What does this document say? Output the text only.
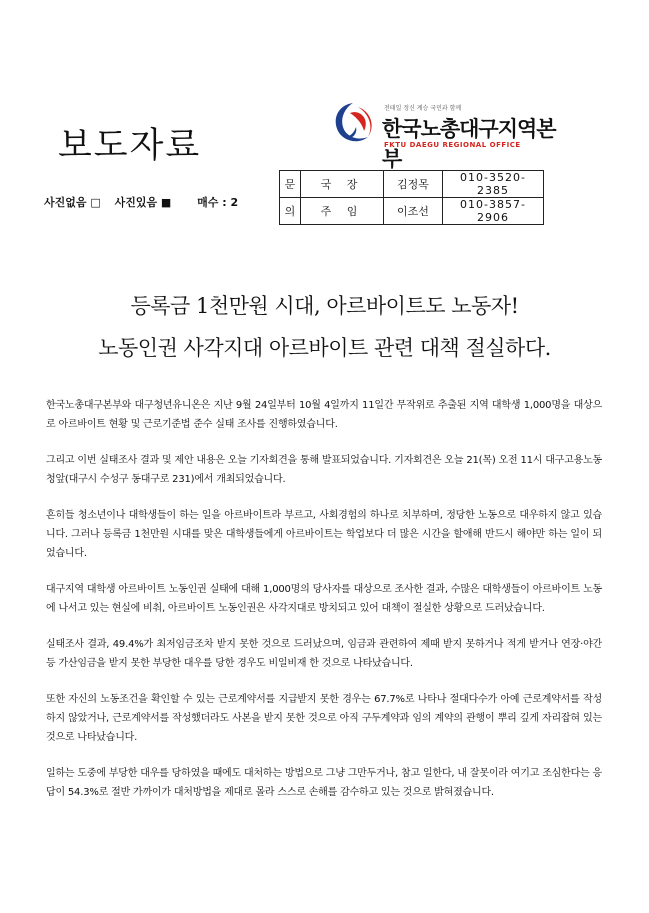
보도자료
전태일 정신 계승 국민과 함께
한국노총대구지역본부
FKTU DAEGU REGIONAL OFFICE
사진없음 □ 사진있음 ■ 매수 : 2
문	국 장	김정목	010-3520-2385
의	주 임	이조선	010-3857-2906
등록금 1천만원 시대, 아르바이트도 노동자!
노동인권 사각지대 아르바이트 관련 대책 절실하다.

한국노총대구본부와 대구청년유니온은 지난 9월 24일부터 10월 4일까지 11일간 무작위로 추출된 지역 대학생 1,000명을 대상으로 아르바이트 현황 및 근로기준법 준수 실태 조사를 진행하였습니다.

그리고 이번 실태조사 결과 및 제안 내용은 오늘 기자회견을 통해 발표되었습니다. 기자회견은 오늘 21(목) 오전 11시 대구고용노동청앞(대구시 수성구 동대구로 231)에서 개최되었습니다.

흔히들 청소년이나 대학생들이 하는 일을 아르바이트라 부르고, 사회경험의 하나로 치부하며, 정당한 노동으로 대우하지 않고 있습니다. 그러나 등록금 1천만원 시대를 맞은 대학생들에게 아르바이트는 학업보다 더 많은 시간을 할애해 반드시 해야만 하는 일이 되었습니다.

대구지역 대학생 아르바이트 노동인권 실태에 대해 1,000명의 당사자를 대상으로 조사한 결과, 수많은 대학생들이 아르바이트 노동에 나서고 있는 현실에 비춰, 아르바이트 노동인권은 사각지대로 방치되고 있어 대책이 절실한 상황으로 드러났습니다.

실태조사 결과, 49.4%가 최저임금조차 받지 못한 것으로 드러났으며, 임금과 관련하여 제때 받지 못하거나 적게 받거나 연장·야간 등 가산임금을 받지 못한 부당한 대우를 당한 경우도 비일비재 한 것으로 나타났습니다.

또한 자신의 노동조건을 확인할 수 있는 근로계약서를 지급받지 못한 경우는 67.7%로 나타나 절대다수가 아예 근로계약서를 작성하지 않았거나, 근로계약서를 작성했더라도 사본을 받지 못한 것으로 아직 구두계약과 임의 계약의 관행이 뿌리 깊게 자리잡혀 있는 것으로 나타났습니다.

일하는 도중에 부당한 대우를 당하였을 때에도 대처하는 방법으로 그냥 그만두거나, 참고 일한다, 내 잘못이라 여기고 조심한다는 응답이 54.3%로 절반 가까이가 대처방법을 제대로 몰라 스스로 손해를 감수하고 있는 것으로 밝혀졌습니다.
